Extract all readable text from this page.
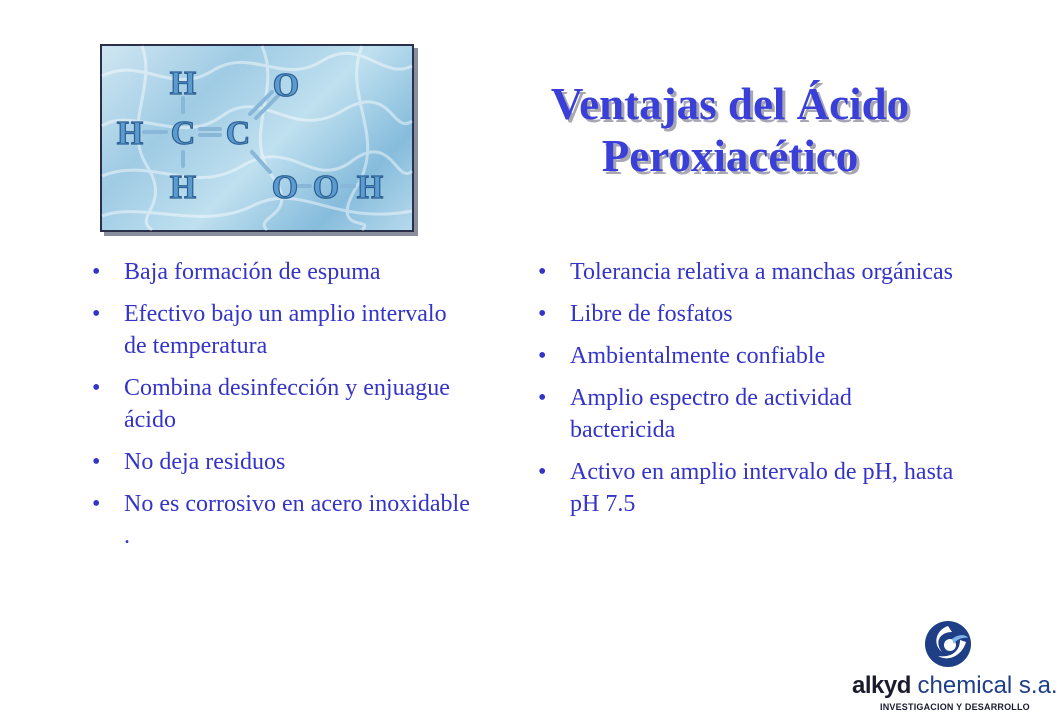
H
H C C
O
H O O H
Ventajas del Ácido
Peroxiacético
• Baja formación de espuma
• Efectivo bajo un amplio intervalo de temperatura
• Combina desinfección y enjuague ácido
• No deja residuos
• No es corrosivo en acero inoxidable .
• Tolerancia relativa a manchas orgánicas
• Libre de fosfatos
• Ambientalmente confiable
• Amplio espectro de actividad bactericida
• Activo en amplio intervalo de pH, hasta pH 7.5
alkyd chemical s.a.
INVESTIGACION Y DESARROLLO
